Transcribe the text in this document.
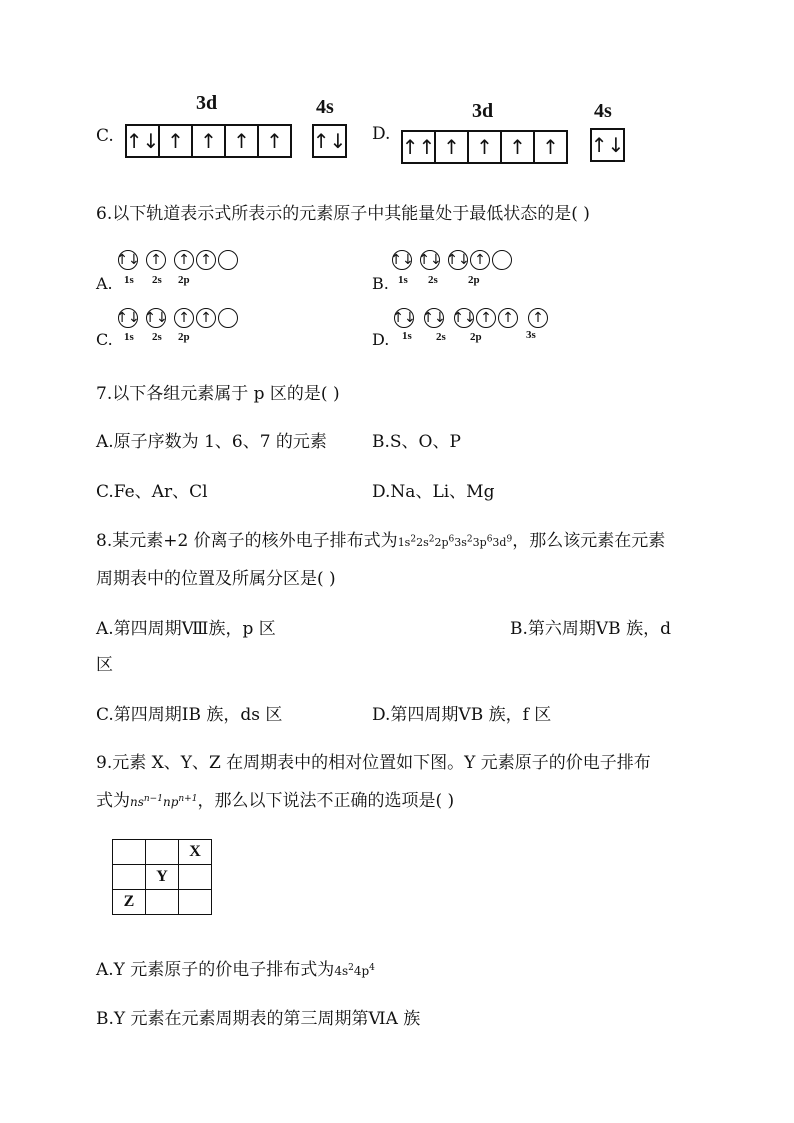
C.
3d	4s
↑↓ ↑ ↑ ↑ ↑	↑↓ D.
3d	4s
↑↑ ↑ ↑ ↑ ↑	↑↓
6.以下轨道表示式所表示的元素原子中其能量处于最低状态的是( )
A.
↑↓ ↑ ↑ ↑
1s 2s 2p	B.
↑↓ ↑↓ ↑↓ ↑
1s 2s	2p
C.
↑↓ ↑↓ ↑ ↑
1s 2s 2p	D.
↑↓ ↑↓ ↑↓ ↑ ↑ ↑
1s 2s 2p	3s
7.以下各组元素属于 p 区的是( )
A.原子序数为 1、6、7 的元素	B.S、O、P
C.Fe、Ar、Cl	D.Na、Li、Mg
8.某元素+2 价离子的核外电子排布式为$1s^22s^22p^63s^23p^63d^9$，那么该元素在元素
周期表中的位置及所属分区是( )
A.第四周期Ⅷ族，p 区	B.第六周期ⅤB 族，d
区
C.第四周期ⅠB 族，ds 区	D.第四周期ⅤB 族，f 区
9.元素 X、Y、Z 在周期表中的相对位置如下图。Y 元素原子的价电子排布
式为$ns^{n-1}np^{n+1}$，那么以下说法不正确的选项是( )
		X
	Y	
Z		
A.Y 元素原子的价电子排布式为$4s^24p^4$
B.Y 元素在元素周期表的第三周期第ⅥA 族
